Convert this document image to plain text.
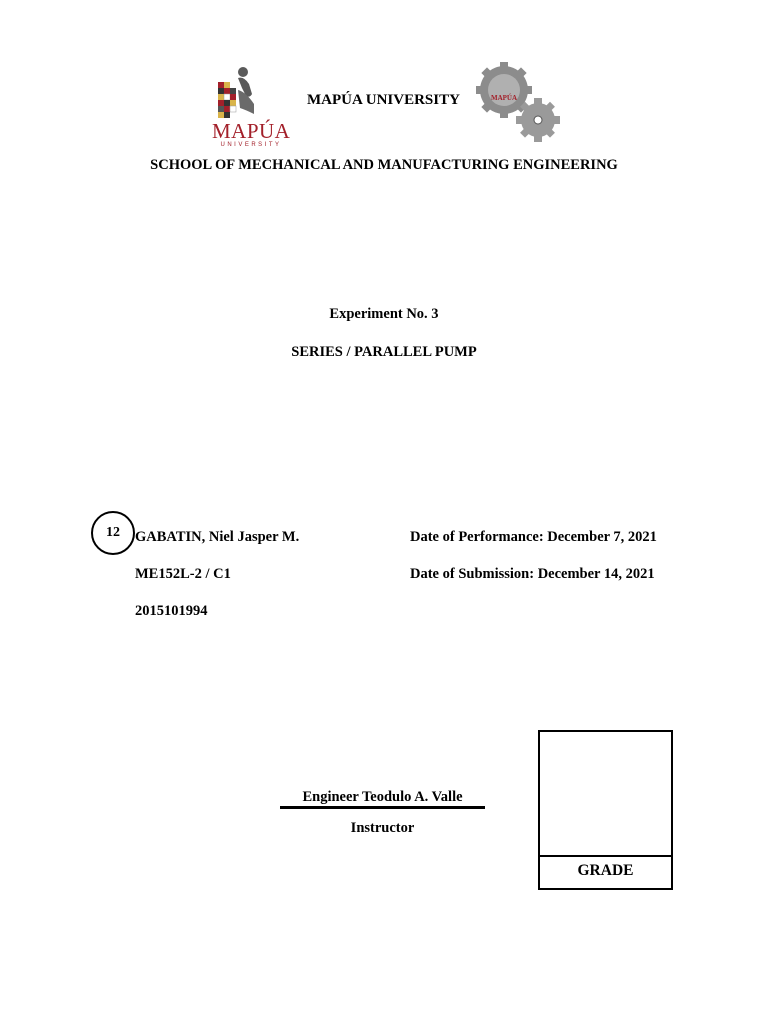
MAPÚA
UNIVERSITY
MAPÚA UNIVERSITY	MAPÚA
SCHOOL OF MECHANICAL AND MANUFACTURING ENGINEERING
Experiment No. 3
SERIES / PARALLEL PUMP
12 GABATIN, Niel Jasper M.
ME152L-2 / C1
2015101994
Date of Performance: December 7, 2021
Date of Submission: December 14, 2021
Engineer Teodulo A. Valle
Instructor
GRADE
